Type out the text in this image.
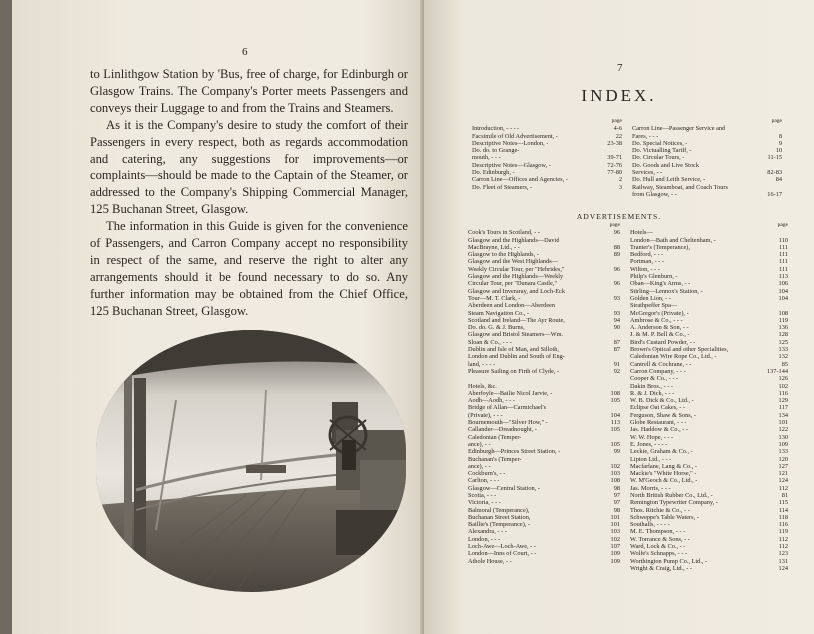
6

to Linlithgow Station by 'Bus, free of charge, for Edinburgh or Glasgow Trains. The Company's Porter meets Passengers and conveys their Luggage to and from the Trains and Steamers.

As it is the Company's desire to study the comfort of their Passengers in every respect, both as regards accommodation and catering, any suggestions for improvements—or complaints—should be made to the Captain of the Steamer, or addressed to the Company's Shipping Commercial Manager, 125 Buchanan Street, Glasgow.

The information in this Guide is given for the convenience of Passengers, and Carron Company accept no responsibility in respect of the same, and reserve the right to alter any arrangements should it be found necessary to do so. Any further information may be obtained from the Chief Office, 125 Buchanan Street, Glasgow.

7
INDEX.
page
Introduction, - - - -	4-6
Facsimile of Old Advertisement, -	22
Descriptive Notes—London, -	23-38
Do. do. to Grange-
mouth, - - -	39-71
Descriptive Notes—Glasgow, -	72-76
Do. Edinburgh, -	77-80
Carron Line—Offices and Agencies, -	2
Do. Fleet of Steamers, -	3
page
Carron Line—Passenger Service and
Fares, - - -	8
Do. Special Notices, -	9
Do. Victualling Tariff, -	10
Do. Circular Tours, -	11-15
Do. Goods and Live Stock
Services, - -	82-83
Do. Hull and Leith Service, -	84
Railway, Steamboat, and Coach Tours
from Glasgow, - -	16-17
ADVERTISEMENTS.
page
Cook's Tours in Scotland, - -	96
Glasgow and the Highlands—David
MacBrayne, Ltd., - -	88
Glasgow to the Highlands, -	89
Glasgow and the West Highlands—
Weekly Circular Tour, per "Hebrides,"	96
Glasgow and the Highlands—Weekly
Circular Tour, per "Dunara Castle,"	96
Glasgow and Inveraray, and Loch-Eck
Tour—M. T. Clark, -	93
Aberdeen and London—Aberdeen
Steam Navigation Co., -	93
Scotland and Ireland—The Ayr Route,	94
Do. do. G. & J. Burns,	90
Glasgow and Bristol Steamers—Wm.
Sloan & Co., - - -	87
Dublin and Isle of Man, and Silloth,	87
London and Dublin and South of Eng-
land, - - - -	91
Pleasure Sailing on Firth of Clyde, -	92
Hotels, &c.
Aberfoyle—Bailie Nicol Jarvie, -	108
Aodh—Aodh, - - -	105
Bridge of Allan—Carmichael's
(Private), - - -	104
Bournemouth—"Silver How," -	113
Callander—Dreadnought, -	105
Caledonian (Temper-
ance), - -	105
Edinburgh—Princes Street Station, -	99
Buchanan's (Temper-
ance), - -	102
Cockburn's, - -	103
Carlton, - - -	108
Glasgow—Central Station, -	98
Scotia, - - -	97
Victoria, - - -	97
Balmoral (Temperance),	98
Buchanan Street Station,	101
Baillie's (Temperance), -	101
Alexandra, - - -	103
London, - - -	102
Loch-Awe—Loch-Awe, - -	107
London—Inns of Court, - -	109
Athole House, - -	109
page
Hotels—
London—Bath and Cheltenham, -	110
Tranter's (Temperance),	111
Bedford, - - -	111
Portman, - - -	111
Wilton, - - -	111
Philp's Glenburn, -	113
Oban—King's Arms, - -	106
Stirling—Lennox's Station, -	104
Golden Lion, - -	104
Strathpeffer Spa—
McGregor's (Private), -	108
Ambrose & Co., - - -	119
A. Anderson & Son, - -	136
J. & M. P. Bell & Co., -	128
Bird's Custard Powder, - -	125
Brown's Optical and other Specialities,	133
Caledonian Wire Rope Co., Ltd., -	132
Cantrell & Cochrane, - -	85
Carron Company, - - -	137-144
Cooper & Co., - - -	126
Dakin Bros., - - -	102
R. & J. Dick, - - -	116
W. B. Dick & Co., Ltd., -	129
Eclipse Oat Cakes, - -	117
Ferguson, Shaw & Sons, -	134
Globe Restaurant, - - -	101
Jas. Haddow & Co., - -	122
W. W. Hope, - - -	130
E. Jones, - - - -	109
Leckie, Graham & Co., -	133
Lipton Ltd., - - -	120
Macfarlane, Lang & Co., -	127
Mackie's "White Horse," -	121
W. M'Geoch & Co., Ltd., -	124
Jas. Morris, - - -	112
North British Rubber Co., Ltd., -	81
Remington Typewriter Company, -	115
Thos. Ritchie & Co., - -	114
Schweppe's Table Waters, -	118
Southalls, - - - -	116
M. E. Thompson, - - -	119
W. Torrance & Sons, - -	112
Ward, Lock & Co., - -	112
Wolfe's Schnapps, - - -	123
Worthington Pump Co., Ltd., -	131
Wright & Craig, Ltd., - -	124
